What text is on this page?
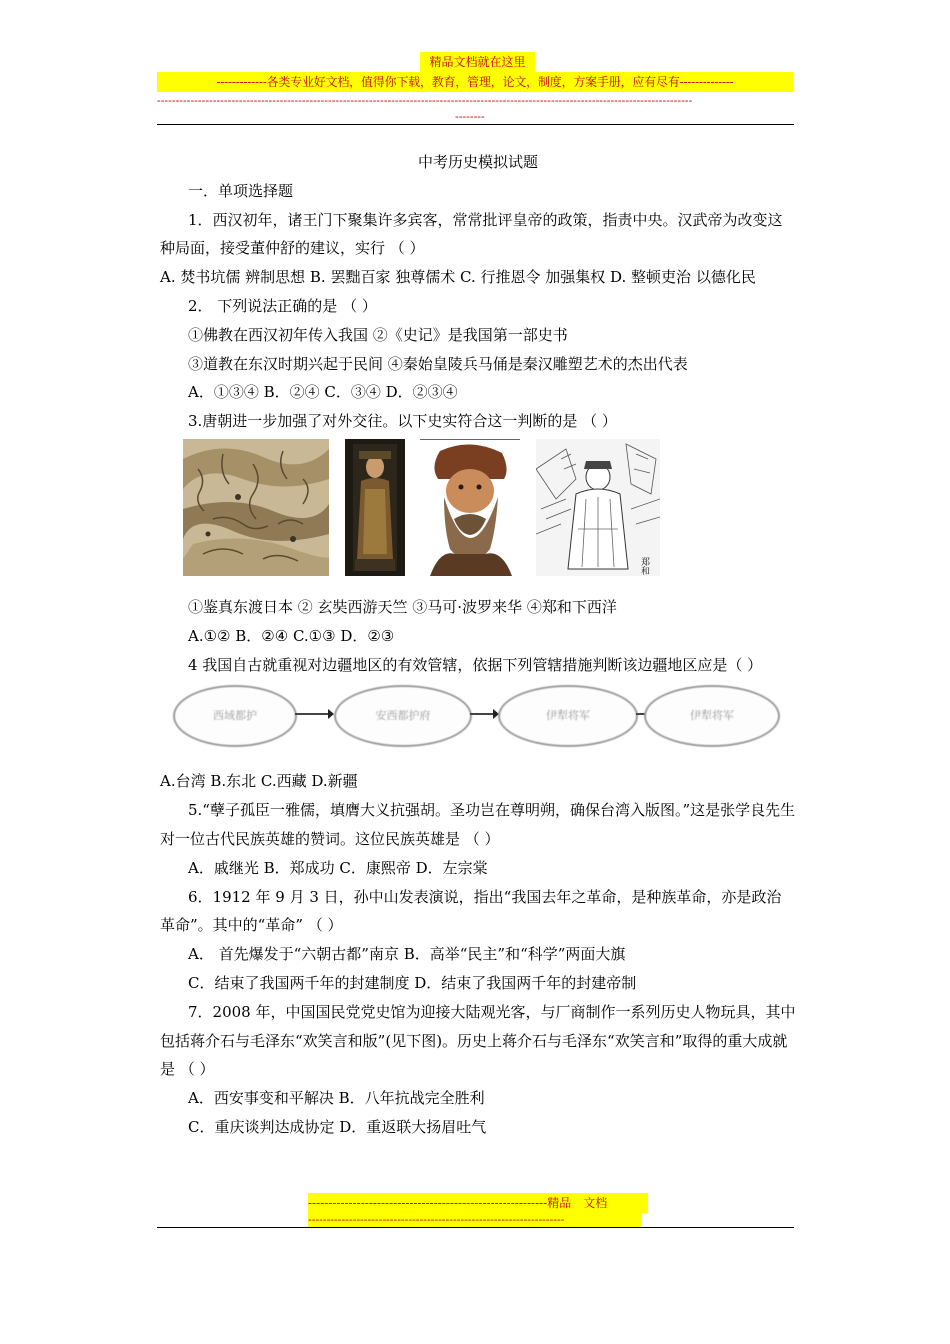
精品文档就在这里
-------------各类专业好文档，值得你下载，教育，管理，论文，制度，方案手册，应有尽有--------------
------------------------------------------------------------------------------------------------------------------------------------------------
--------

中考历史模拟试题

一．单项选择题

1．西汉初年，诸王门下聚集许多宾客，常常批评皇帝的政策，指责中央。汉武帝为改变这种局面，接受董仲舒的建议，实行 （ ）

A. 焚书坑儒 辨制思想 B. 罢黜百家 独尊儒术 C. 行推恩令 加强集权 D. 整顿吏治 以德化民

2． 下列说法正确的是 （ ）

①佛教在西汉初年传入我国 ②《史记》是我国第一部史书

③道教在东汉时期兴起于民间 ④秦始皇陵兵马俑是秦汉雕塑艺术的杰出代表

A．①③④ B．②④ C．③④ D．②③④

3.唐朝进一步加强了对外交往。以下史实符合这一判断的是 （ ）

郑和

①鉴真东渡日本 ② 玄奘西游天竺 ③马可·波罗来华 ④郑和下西洋

A.①② B．②④ C.①③ D．②③

4 我国自古就重视对边疆地区的有效管辖，依据下列管辖措施判断该边疆地区应是（ ）

西域都护	安西都护府	伊犁将军	伊犁将军

A.台湾 B.东北 C.西藏 D.新疆

5.“孽子孤臣一雅儒，填膺大义抗强胡。圣功岂在尊明朔，确保台湾入版图。”这是张学良先生对一位古代民族英雄的赞词。这位民族英雄是 （ ）

A．戚继光 B．郑成功 C．康熙帝 D．左宗棠

6．1912 年 9 月 3 日，孙中山发表演说，指出“我国去年之革命，是种族革命，亦是政治革命”。其中的“革命” （ ）

A． 首先爆发于“六朝古都”南京 B．高举“民主”和“科学”两面大旗

C．结束了我国两千年的封建制度 D．结束了我国两千年的封建帝制

7．2008 年，中国国民党党史馆为迎接大陆观光客，与厂商制作一系列历史人物玩具，其中包括蒋介石与毛泽东“欢笑言和版”(见下图)。历史上蒋介石与毛泽东“欢笑言和”取得的重大成就是 （ ）

A．西安事变和平解决 B．八年抗战完全胜利

C．重庆谈判达成协定 D．重返联大扬眉吐气

-----------------------------------------------------------精品　文档
---------------------------------------------------------------------
